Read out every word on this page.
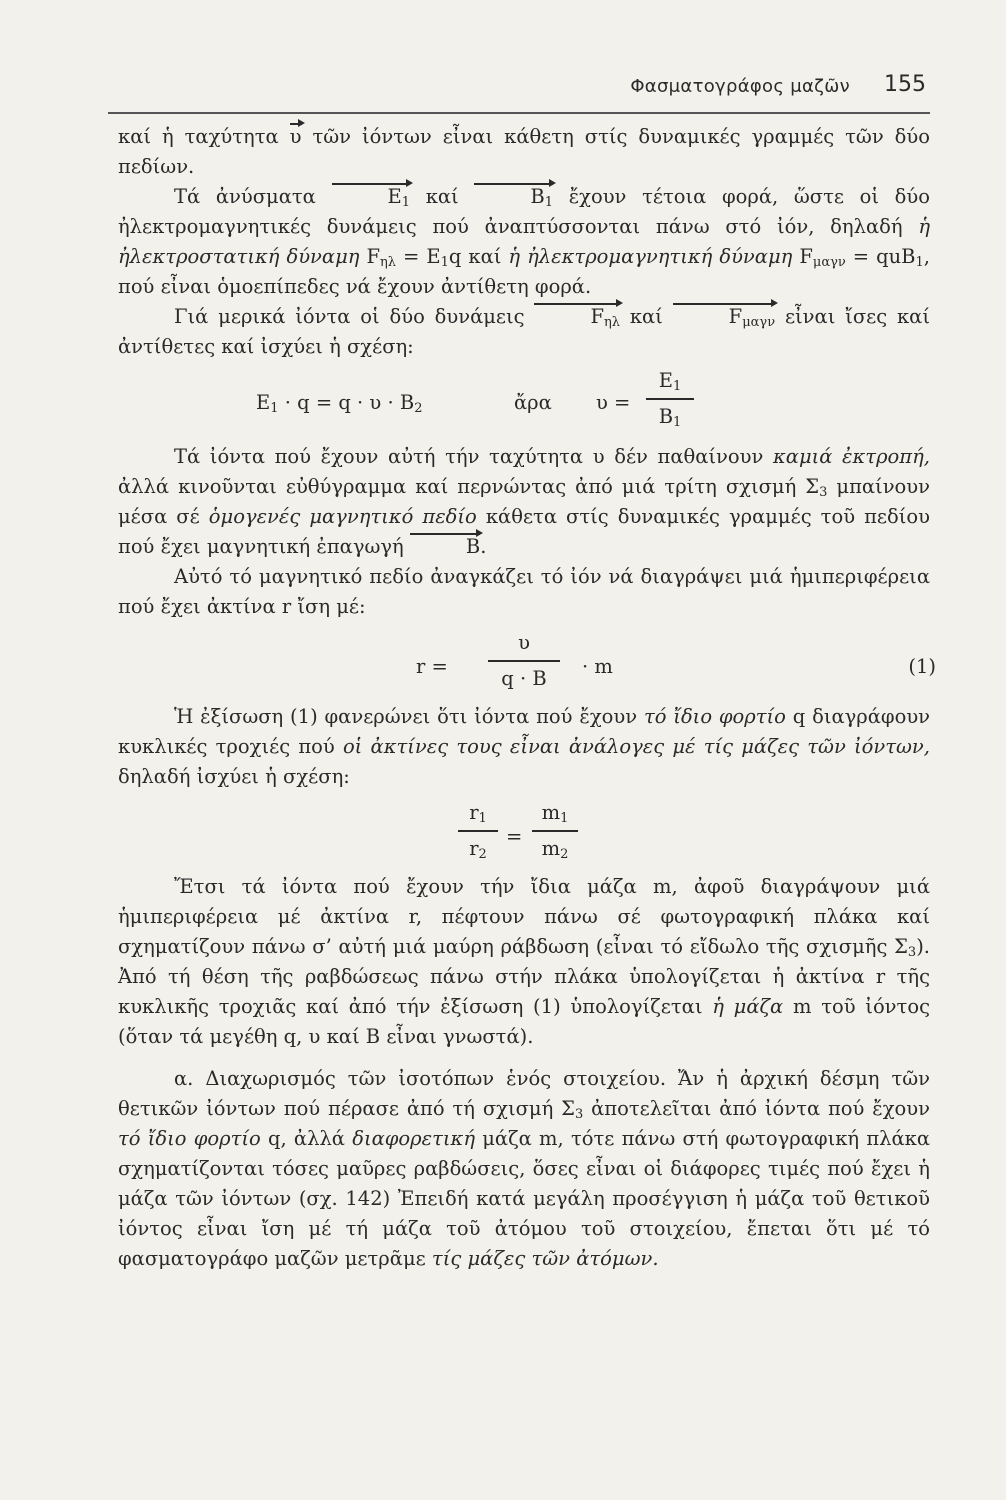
Φασματογράφος μαζῶν 155

καί ἡ ταχύτητα υ τῶν ἰόντων εἶναι κάθετη στίς δυναμικές γραμμές τῶν δύο πεδίων.

Τά ἀνύσματα	$E_1$ καί	$B_1$ ἔχουν τέτοια φορά, ὥστε οἱ δύο ἠλεκτρομαγνητικές δυνάμεις πού ἀναπτύσσονται πάνω στό ἰόν, δηλαδή ἡ ἠλεκτροστατική δύναμη $F_{\eta\lambda} = E_1q$ καί ἡ ἠλεκτρομαγνητική δύναμη $F_{\mu\alpha\gamma\nu} = quB_1$, πού εἶναι ὁμοεπίπεδες νά ἔχουν ἀντίθετη φορά.

Γιά μερικά ἰόντα οἱ δύο δυνάμεις	$F_{\eta\lambda}$ καί	$F_{\mu\alpha\gamma\nu}$ εἶναι ἴσες καί ἀντίθετες καί ἰσχύει ἡ σχέση:

$E_1 \cdot q = q \cdot \upsilon \cdot B_2$	ἄρα υ =
$E_1$
$B_1$

Τά ἰόντα πού ἔχουν αὐτή τήν ταχύτητα υ δέν παθαίνουν καμιά ἐκτροπή, ἀλλά κινοῦνται εὐθύγραμμα καί περνώντας ἀπό μιά τρίτη σχισμή $\Sigma_3$ μπαίνουν μέσα σέ ὁμογενές μαγνητικό πεδίο κάθετα στίς δυναμικές γραμμές τοῦ πεδίου πού ἔχει μαγνητική ἐπαγωγή	B.

Αὐτό τό μαγνητικό πεδίο ἀναγκάζει τό ἰόν νά διαγράψει μιά ἡμιπεριφέρεια πού ἔχει ἀκτίνα r ἴση μέ:

r =
υ
q · B	· m	(1)

Ἡ ἐξίσωση (1) φανερώνει ὅτι ἰόντα πού ἔχουν τό ἴδιο φορτίο q διαγράφουν κυκλικές τροχιές πού οἱ ἀκτίνες τους εἶναι ἀνάλογες μέ τίς μάζες τῶν ἰόντων, δηλαδή ἰσχύει ἡ σχέση:

$r_1$
$r_2$
=
$m_1$
$m_2$

Ἔτσι τά ἰόντα πού ἔχουν τήν ἴδια μάζα m, ἀφοῦ διαγράψουν μιά ἡμιπεριφέρεια μέ ἀκτίνα r, πέφτουν πάνω σέ φωτογραφική πλάκα καί σχηματίζουν πάνω σ’ αὐτή μιά μαύρη ράβδωση (εἶναι τό εἴδωλο τῆς σχισμῆς $\Sigma_3$). Ἀπό τή θέση τῆς ραβδώσεως πάνω στήν πλάκα ὑπολογίζεται ἡ ἀκτίνα r τῆς κυκλικῆς τροχιᾶς καί ἀπό τήν ἐξίσωση (1) ὑπολογίζεται ἡ μάζα m τοῦ ἰόντος (ὅταν τά μεγέθη q, υ καί B εἶναι γνωστά).

α. Διαχωρισμός τῶν ἰσοτόπων ἑνός στοιχείου. Ἄν ἡ ἀρχική δέσμη τῶν θετικῶν ἰόντων πού πέρασε ἀπό τή σχισμή $\Sigma_3$ ἀποτελεῖται ἀπό ἰόντα πού ἔχουν τό ἴδιο φορτίο q, ἀλλά διαφορετική μάζα m, τότε πάνω στή φωτογραφική πλάκα σχηματίζονται τόσες μαῦρες ραβδώσεις, ὅσες εἶναι οἱ διάφορες τιμές πού ἔχει ἡ μάζα τῶν ἰόντων (σχ. 142) Ἐπειδή κατά μεγάλη προσέγγιση ἡ μάζα τοῦ θετικοῦ ἰόντος εἶναι ἴση μέ τή μάζα τοῦ ἀτόμου τοῦ στοιχείου, ἔπεται ὅτι μέ τό φασματογράφο μαζῶν μετρᾶμε τίς μάζες τῶν ἀτόμων.
